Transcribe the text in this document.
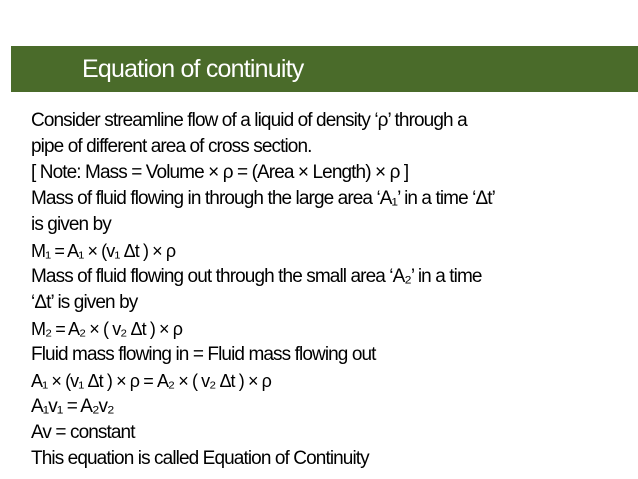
Equation of continuity
Consider streamline flow of a liquid of density ‘ρ’ through a
pipe of different area of cross section.
[ Note: Mass = Volume × ρ = (Area × Length) × ρ ]
Mass of fluid flowing in through the large area ‘A₁’ in a time ‘Δt’
is given by
M₁ = A₁ × (v₁ Δt ) × ρ
Mass of fluid flowing out through the small area ‘A₂’ in a time
‘Δt’ is given by
M₂ = A₂ × ( v₂ Δt ) × ρ
Fluid mass flowing in = Fluid mass flowing out
A₁ × (v₁ Δt ) × ρ = A₂ × ( v₂ Δt ) × ρ
A₁v₁ = A₂v₂
Av = constant
This equation is called Equation of Continuity
